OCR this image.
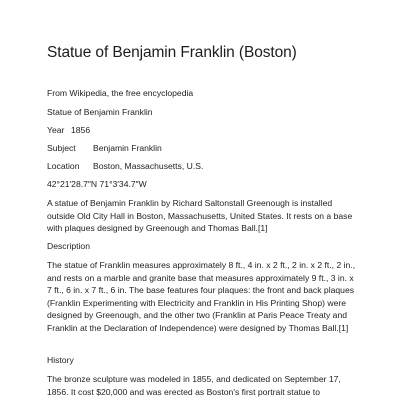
Statue of Benjamin Franklin (Boston)

From Wikipedia, the free encyclopedia

Statue of Benjamin Franklin

Year 1856
Subject Benjamin Franklin
Location Boston, Massachusetts, U.S.

42°21′28.7″N 71°3′34.7″W

A statue of Benjamin Franklin by Richard Saltonstall Greenough is installed outside Old City Hall in Boston, Massachusetts, United States. It rests on a base with plaques designed by Greenough and Thomas Ball.[1]

Description

The statue of Franklin measures approximately 8 ft., 4 in. x 2 ft., 2 in. x 2 ft., 2 in., and rests on a marble and granite base that measures approximately 9 ft., 3 in. x 7 ft., 6 in. x 7 ft., 6 in. The base features four plaques: the front and back plaques (Franklin Experimenting with Electricity and Franklin in His Printing Shop) were designed by Greenough, and the other two (Franklin at Paris Peace Treaty and Franklin at the Declaration of Independence) were designed by Thomas Ball.[1]

History

The bronze sculpture was modeled in 1855, and dedicated on September 17, 1856. It cost $20,000 and was erected as Boston's first portrait statue to
